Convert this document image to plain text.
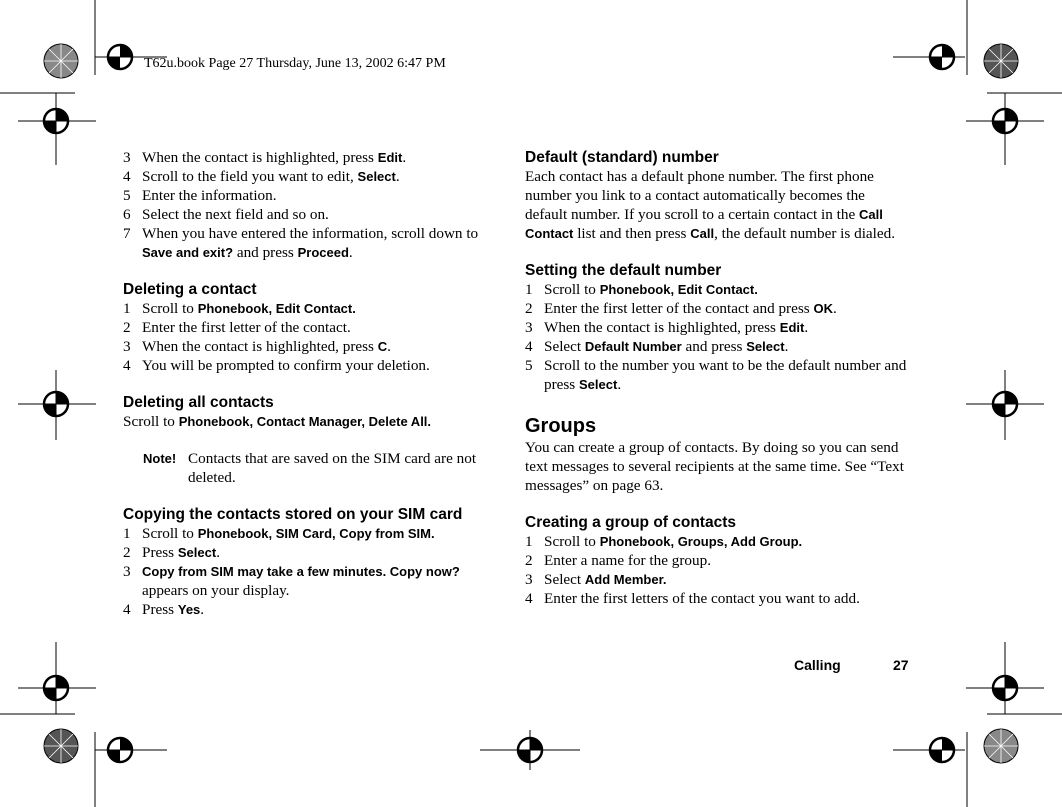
T62u.book Page 27 Thursday, June 13, 2002 6:47 PM
3 When the contact is highlighted, press Edit.
4 Scroll to the field you want to edit, Select.
5 Enter the information.
6 Select the next field and so on.
7 When you have entered the information, scroll down to Save and exit? and press Proceed.
Deleting a contact
1 Scroll to Phonebook, Edit Contact.
2 Enter the first letter of the contact.
3 When the contact is highlighted, press C.
4 You will be prompted to confirm your deletion.
Deleting all contacts

Scroll to Phonebook, Contact Manager, Delete All.

Note! Contacts that are saved on the SIM card are not deleted.
Copying the contacts stored on your SIM card
1 Scroll to Phonebook, SIM Card, Copy from SIM.
2 Press Select.
3 Copy from SIM may take a few minutes. Copy now? appears on your display.
4 Press Yes.
Default (standard) number

Each contact has a default phone number. The first phone number you link to a contact automatically becomes the default number. If you scroll to a certain contact in the Call Contact list and then press Call, the default number is dialed.

Setting the default number
1 Scroll to Phonebook, Edit Contact.
2 Enter the first letter of the contact and press OK.
3 When the contact is highlighted, press Edit.
4 Select Default Number and press Select.
5 Scroll to the number you want to be the default number and press Select.
Groups

You can create a group of contacts. By doing so you can send text messages to several recipients at the same time. See “Text messages” on page 63.

Creating a group of contacts
1 Scroll to Phonebook, Groups, Add Group.
2 Enter a name for the group.
3 Select Add Member.
4 Enter the first letters of the contact you want to add.
Calling	27
